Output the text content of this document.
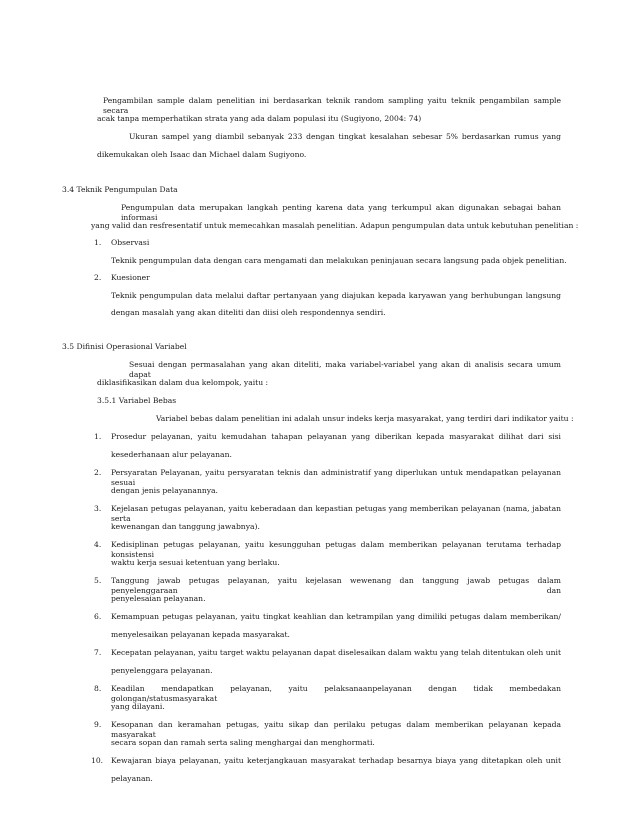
Pengambilan sample dalam penelitian ini berdasarkan teknik random sampling yaitu teknik pengambilan sample secara
acak tanpa memperhatikan strata yang ada dalam populasi itu (Sugiyono, 2004: 74)
Ukuran sampel yang diambil sebanyak 233 dengan tingkat kesalahan sebesar 5% berdasarkan rumus yang
dikemukakan oleh Isaac dan Michael dalam Sugiyono.
3.4 Teknik Pengumpulan Data
Pengumpulan data merupakan langkah penting karena data yang terkumpul akan digunakan sebagai bahan informasi
yang valid dan resfresentatif untuk memecahkan masalah penelitian. Adapun pengumpulan data untuk kebutuhan penelitian :
1. Observasi
Teknik pengumpulan data dengan cara mengamati dan melakukan peninjauan secara langsung pada objek penelitian.
2. Kuesioner
Teknik pengumpulan data melalui daftar pertanyaan yang diajukan kepada karyawan yang berhubungan langsung
dengan masalah yang akan diteliti dan diisi oleh respondennya sendiri.
3.5 Difinisi Operasional Variabel
Sesuai dengan permasalahan yang akan diteliti, maka variabel-variabel yang akan di analisis secara umum dapat
diklasifikasikan dalam dua kelompok, yaitu :
3.5.1 Variabel Bebas
Variabel bebas dalam penelitian ini adalah unsur indeks kerja masyarakat, yang terdiri dari indikator yaitu :
1. Prosedur pelayanan, yaitu kemudahan tahapan pelayanan yang diberikan kepada masyarakat dilihat dari sisi
kesederhanaan alur pelayanan.
2. Persyaratan Pelayanan, yaitu persyaratan teknis dan administratif yang diperlukan untuk mendapatkan pelayanan sesuai
dengan jenis pelayanannya.
3. Kejelasan petugas pelayanan, yaitu keberadaan dan kepastian petugas yang memberikan pelayanan (nama, jabatan serta
kewenangan dan tanggung jawabnya).
4. Kedisiplinan petugas pelayanan, yaitu kesungguhan petugas dalam memberikan pelayanan terutama terhadap konsistensi
waktu kerja sesuai ketentuan yang berlaku.
5. Tanggung jawab petugas pelayanan, yaitu kejelasan wewenang dan tanggung jawab petugas dalam penyelenggaraan dan
penyelesaian pelayanan.
6. Kemampuan petugas pelayanan, yaitu tingkat keahlian dan ketrampilan yang dimiliki petugas dalam memberikan/
menyelesaikan pelayanan kepada masyarakat.
7. Kecepatan pelayanan, yaitu target waktu pelayanan dapat diselesaikan dalam waktu yang telah ditentukan oleh unit
penyelenggara pelayanan.
8. Keadilan mendapatkan pelayanan, yaitu pelaksanaanpelayanan dengan tidak membedakan golongan/statusmasyarakat
yang dilayani.
9. Kesopanan dan keramahan petugas, yaitu sikap dan perilaku petugas dalam memberikan pelayanan kepada masyarakat
secara sopan dan ramah serta saling menghargai dan menghormati.
10. Kewajaran biaya pelayanan, yaitu keterjangkauan masyarakat terhadap besarnya biaya yang ditetapkan oleh unit
pelayanan.
